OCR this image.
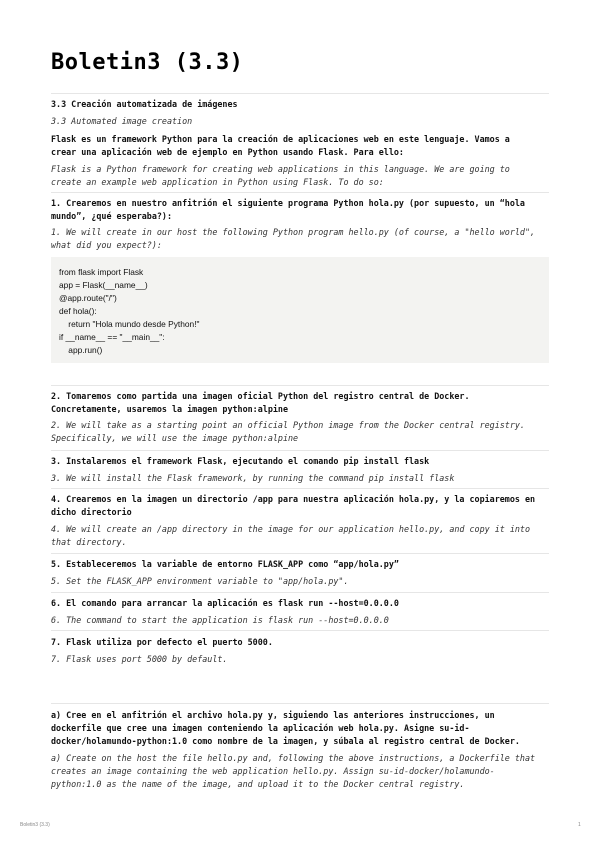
Boletin3 (3.3)

3.3 Creación automatizada de imágenes

3.3 Automated image creation

Flask es un framework Python para la creación de aplicaciones web en este lenguaje. Vamos a

crear una aplicación web de ejemplo en Python usando Flask. Para ello:

Flask is a Python framework for creating web applications in this language. We are going to

create an example web application in Python using Flask. To do so:

1. Crearemos en nuestro anfitrión el siguiente programa Python hola.py (por supuesto, un “hola

mundo”, ¿qué esperaba?):

1. We will create in our host the following Python program hello.py (of course, a "hello world",

what did you expect?):

from flask import Flask

app = Flask(__name__)

@app.route("/")

def hola():

return "Hola mundo desde Python!"

if __name__ == "__main__":

app.run()

2. Tomaremos como partida una imagen oficial Python del registro central de Docker.

Concretamente, usaremos la imagen python:alpine

2. We will take as a starting point an official Python image from the Docker central registry.

Specifically, we will use the image python:alpine

3. Instalaremos el framework Flask, ejecutando el comando pip install flask

3. We will install the Flask framework, by running the command pip install flask

4. Crearemos en la imagen un directorio /app para nuestra aplicación hola.py, y la copiaremos en

dicho directorio

4. We will create an /app directory in the image for our application hello.py, and copy it into

that directory.

5. Estableceremos la variable de entorno FLASK_APP como “app/hola.py”

5. Set the FLASK_APP environment variable to "app/hola.py".

6. El comando para arrancar la aplicación es flask run --host=0.0.0.0

6. The command to start the application is flask run --host=0.0.0.0

7. Flask utiliza por defecto el puerto 5000.

7. Flask uses port 5000 by default.

a) Cree en el anfitrión el archivo hola.py y, siguiendo las anteriores instrucciones, un

dockerfile que cree una imagen conteniendo la aplicación web hola.py. Asigne su-id-

docker/holamundo-python:1.0 como nombre de la imagen, y súbala al registro central de Docker.

a) Create on the host the file hello.py and, following the above instructions, a Dockerfile that

creates an image containing the web application hello.py. Assign su-id-docker/holamundo-

python:1.0 as the name of the image, and upload it to the Docker central registry.

Boletin3 (3.3)	1
